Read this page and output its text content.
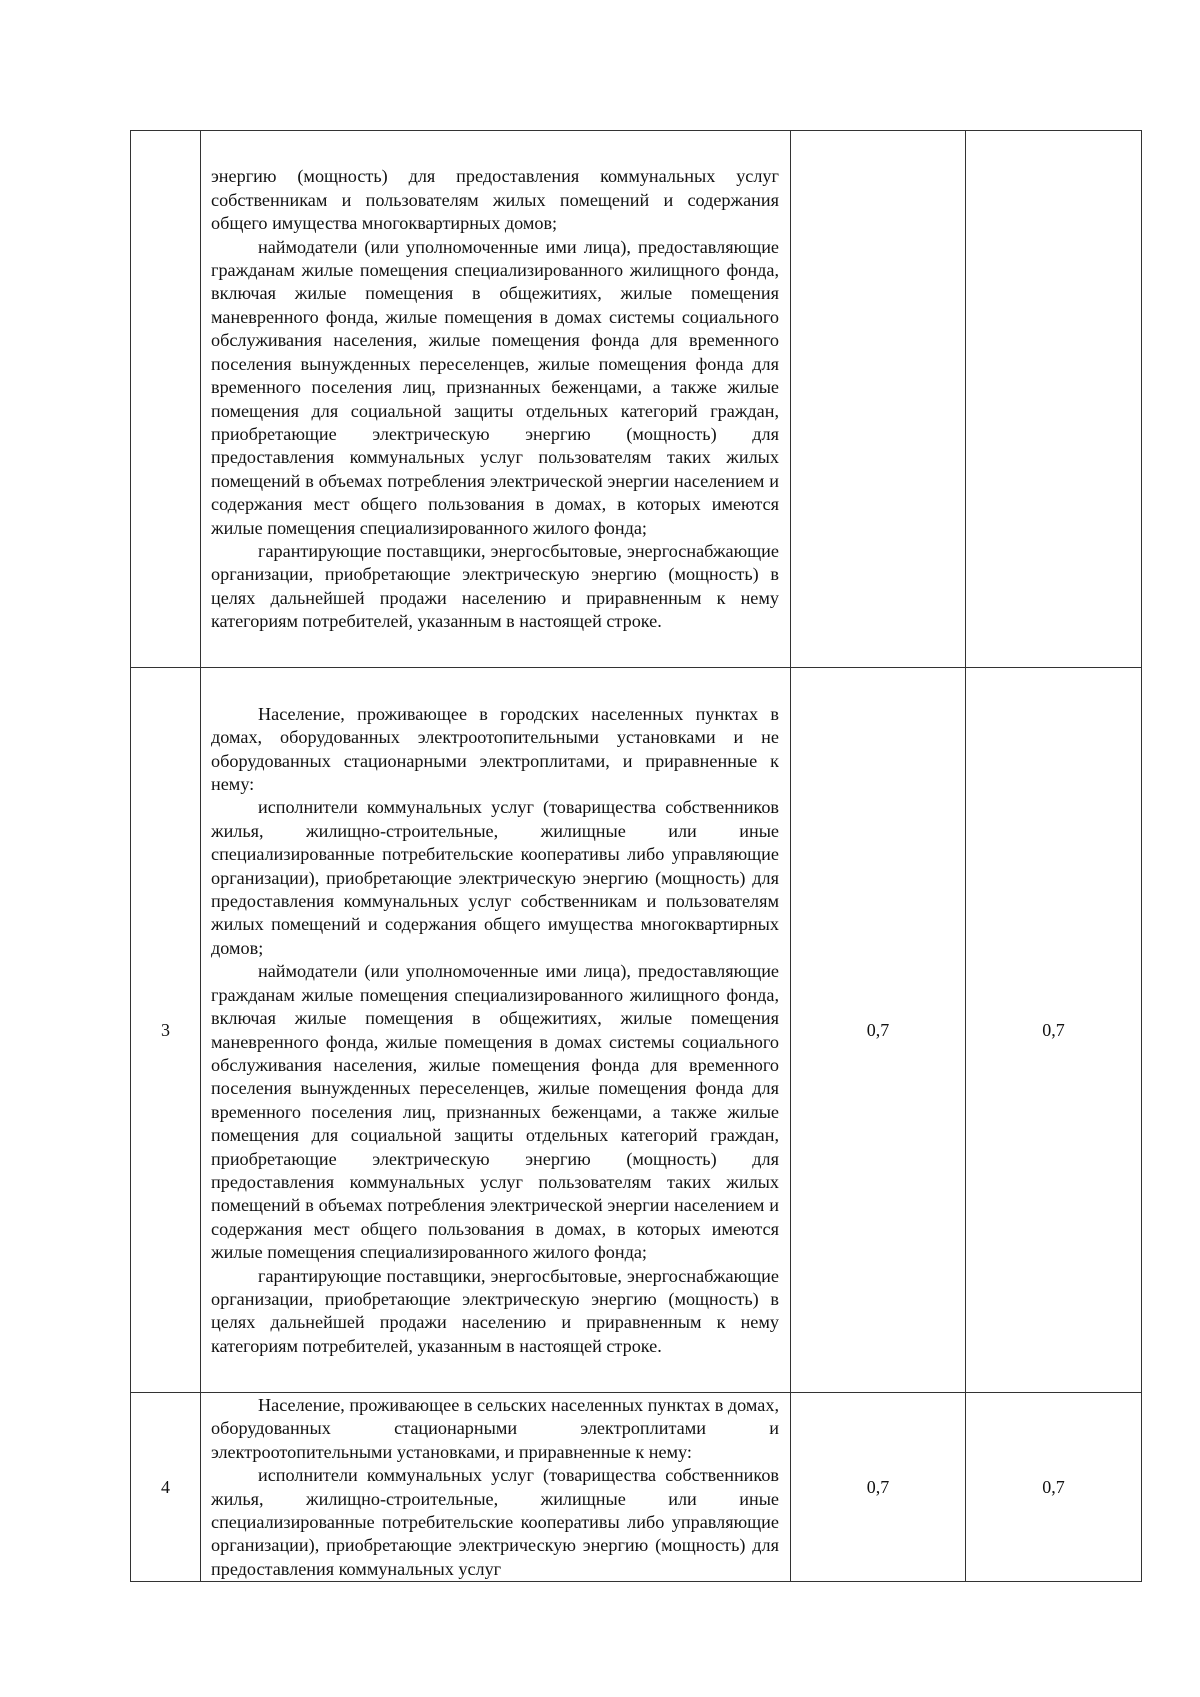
	энергию (мощность) для предоставления коммунальных услуг собственникам и пользователям жилых помещений и содержания общего имущества многоквартирных домов;

наймодатели (или уполномоченные ими лица), предоставляющие гражданам жилые помещения специализированного жилищного фонда, включая жилые помещения в общежитиях, жилые помещения маневренного фонда, жилые помещения в домах системы социального обслуживания населения, жилые помещения фонда для временного поселения вынужденных переселенцев, жилые помещения фонда для временного поселения лиц, признанных беженцами, а также жилые помещения для социальной защиты отдельных категорий граждан, приобретающие электрическую энергию (мощность) для предоставления коммунальных услуг пользователям таких жилых помещений в объемах потребления электрической энергии населением и содержания мест общего пользования в домах, в которых имеются жилые помещения специализированного жилого фонда;

гарантирующие поставщики, энергосбытовые, энергоснабжающие организации, приобретающие электрическую энергию (мощность) в целях дальнейшей продажи населению и приравненным к нему категориям потребителей, указанным в настоящей строке.		

3	Население, проживающее в городских населенных пунктах в домах, оборудованных электроотопительными установками и не оборудованных стационарными электроплитами, и приравненные к нему:

исполнители коммунальных услуг (товарищества собственников жилья, жилищно-строительные, жилищные или иные специализированные потребительские кооперативы либо управляющие организации), приобретающие электрическую энергию (мощность) для предоставления коммунальных услуг собственникам и пользователям жилых помещений и содержания общего имущества многоквартирных домов;

наймодатели (или уполномоченные ими лица), предоставляющие гражданам жилые помещения специализированного жилищного фонда, включая жилые помещения в общежитиях, жилые помещения маневренного фонда, жилые помещения в домах системы социального обслуживания населения, жилые помещения фонда для временного поселения вынужденных переселенцев, жилые помещения фонда для временного поселения лиц, признанных беженцами, а также жилые помещения для социальной защиты отдельных категорий граждан, приобретающие электрическую энергию (мощность) для предоставления коммунальных услуг пользователям таких жилых помещений в объемах потребления электрической энергии населением и содержания мест общего пользования в домах, в которых имеются жилые помещения специализированного жилого фонда;

гарантирующие поставщики, энергосбытовые, энергоснабжающие организации, приобретающие электрическую энергию (мощность) в целях дальнейшей продажи населению и приравненным к нему категориям потребителей, указанным в настоящей строке.	0,7	0,7
4	Население, проживающее в сельских населенных пунктах в домах, оборудованных стационарными электроплитами и электроотопительными установками, и приравненные к нему:

исполнители коммунальных услуг (товарищества собственников жилья, жилищно-строительные, жилищные или иные специализированные потребительские кооперативы либо управляющие организации), приобретающие электрическую энергию (мощность) для предоставления коммунальных услуг	0,7	0,7
